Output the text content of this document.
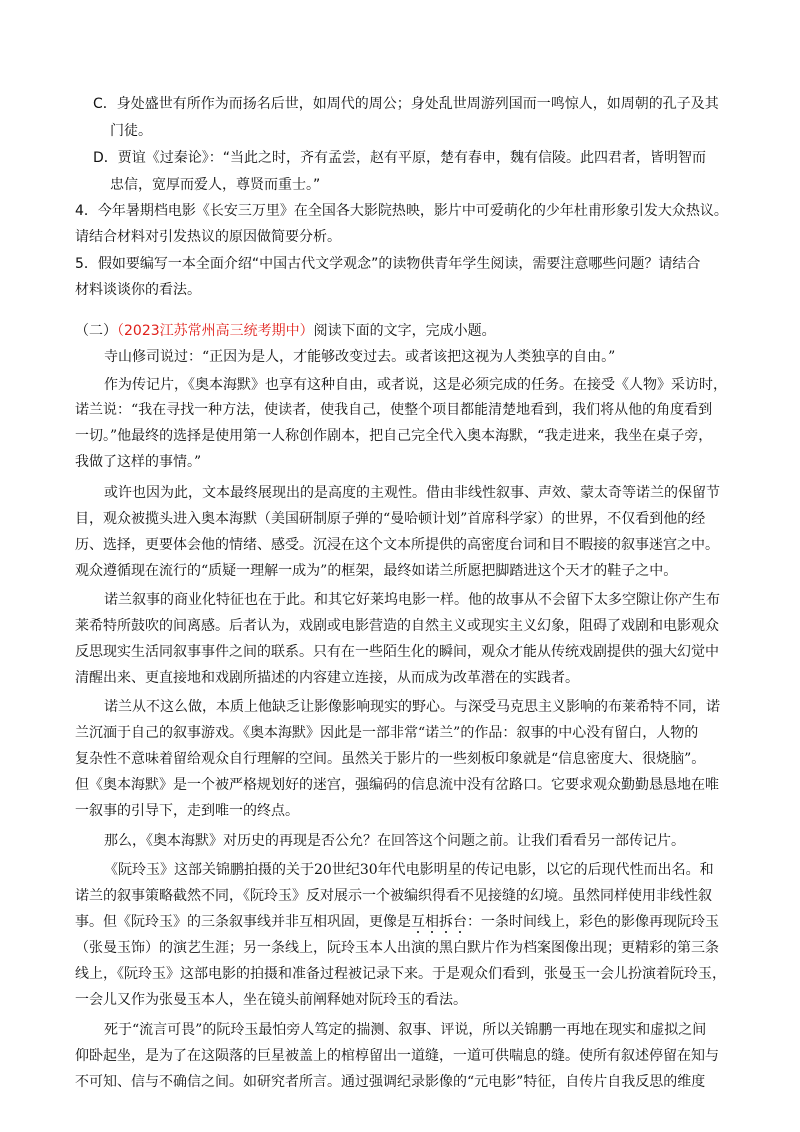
C．身处盛世有所作为而扬名后世，如周代的周公；身处乱世周游列国而一鸣惊人，如周朝的孔子及其
门徒。
D．贾谊《过秦论》：“当此之时，齐有孟尝，赵有平原，楚有春申，魏有信陵。此四君者，皆明智而
忠信，宽厚而爱人，尊贤而重士。”
4．今年暑期档电影《长安三万里》在全国各大影院热映，影片中可爱萌化的少年杜甫形象引发大众热议。
请结合材料对引发热议的原因做简要分析。
5．假如要编写一本全面介绍“中国古代文学观念”的读物供青年学生阅读，需要注意哪些问题？请结合
材料谈谈你的看法。
（二）（2023江苏常州高三统考期中）阅读下面的文字，完成小题。
寺山修司说过：“正因为是人，才能够改变过去。或者该把这视为人类独享的自由。”
作为传记片，《奥本海默》也享有这种自由，或者说，这是必须完成的任务。在接受《人物》采访时，
诺兰说：“我在寻找一种方法，使读者，使我自己，使整个项目都能清楚地看到，我们将从他的角度看到
一切。”他最终的选择是使用第一人称创作剧本，把自己完全代入奥本海默，“我走进来，我坐在桌子旁，
我做了这样的事情。”
或许也因为此，文本最终展现出的是高度的主观性。借由非线性叙事、声效、蒙太奇等诺兰的保留节
目，观众被揽头进入奥本海默（美国研制原子弹的“曼哈顿计划”首席科学家）的世界，不仅看到他的经
历、选择，更要体会他的情绪、感受。沉浸在这个文本所提供的高密度台词和目不暇接的叙事迷宫之中。
观众遵循现在流行的“质疑一理解一成为”的框架，最终如诺兰所愿把脚踏进这个天才的鞋子之中。
诺兰叙事的商业化特征也在于此。和其它好莱坞电影一样。他的故事从不会留下太多空隙让你产生布
莱希特所鼓吹的间离感。后者认为，戏剧或电影营造的自然主义或现实主义幻象，阻碍了戏剧和电影观众
反思现实生活同叙事事件之间的联系。只有在一些陌生化的瞬间，观众才能从传统戏剧提供的强大幻觉中
清醒出来、更直接地和戏剧所描述的内容建立连接，从而成为改革潜在的实践者。
诺兰从不这么做，本质上他缺乏让影像影响现实的野心。与深受马克思主义影响的布莱希特不同，诺
兰沉湎于自己的叙事游戏。《奥本海默》因此是一部非常“诺兰”的作品：叙事的中心没有留白，人物的
复杂性不意味着留给观众自行理解的空间。虽然关于影片的一些刻板印象就是“信息密度大、很烧脑”。
但《奥本海默》是一个被严格规划好的迷宫，强编码的信息流中没有岔路口。它要求观众勤勤恳恳地在唯
一叙事的引导下，走到唯一的终点。
那么，《奥本海默》对历史的再现是否公允？在回答这个问题之前。让我们看看另一部传记片。
《阮玲玉》这部关锦鹏拍摄的关于20世纪30年代电影明星的传记电影，以它的后现代性而出名。和
诺兰的叙事策略截然不同，《阮玲玉》反对展示一个被编织得看不见接缝的幻境。虽然同样使用非线性叙
事。但《阮玲玉》的三条叙事线并非互相巩固，更像是互相拆台：一条时间线上，彩色的影像再现阮玲玉
（张曼玉饰）的演艺生涯；另一条线上，阮玲玉本人出演的黑白默片作为档案图像出现；更精彩的第三条
线上，《阮玲玉》这部电影的拍摄和准备过程被记录下来。于是观众们看到，张曼玉一会儿扮演着阮玲玉，
一会儿又作为张曼玉本人，坐在镜头前阐释她对阮玲玉的看法。
死于“流言可畏”的阮玲玉最怕旁人笃定的揣测、叙事、评说，所以关锦鹏一再地在现实和虚拟之间
仰卧起坐，是为了在这陨落的巨星被盖上的棺椁留出一道缝，一道可供喘息的缝。使所有叙述停留在知与
不可知、信与不确信之间。如研究者所言。通过强调纪录影像的“元电影”特征，自传片自我反思的维度
